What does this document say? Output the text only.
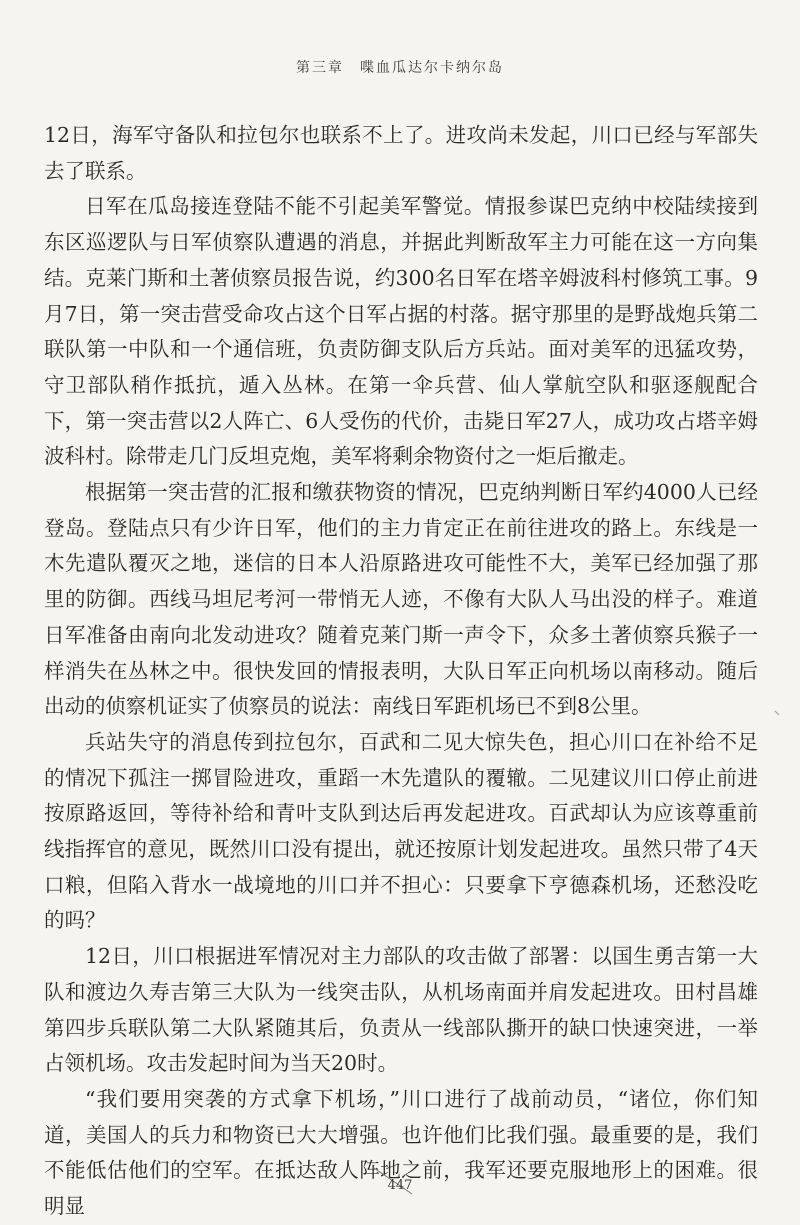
第三章　喋血瓜达尔卡纳尔岛

12日，海军守备队和拉包尔也联系不上了。进攻尚未发起，川口已经与军部失去了联系。

日军在瓜岛接连登陆不能不引起美军警觉。情报参谋巴克纳中校陆续接到东区巡逻队与日军侦察队遭遇的消息，并据此判断敌军主力可能在这一方向集结。克莱门斯和土著侦察员报告说，约300名日军在塔辛姆波科村修筑工事。9月7日，第一突击营受命攻占这个日军占据的村落。据守那里的是野战炮兵第二联队第一中队和一个通信班，负责防御支队后方兵站。面对美军的迅猛攻势，守卫部队稍作抵抗，遁入丛林。在第一伞兵营、仙人掌航空队和驱逐舰配合下，第一突击营以2人阵亡、6人受伤的代价，击毙日军27人，成功攻占塔辛姆波科村。除带走几门反坦克炮，美军将剩余物资付之一炬后撤走。

根据第一突击营的汇报和缴获物资的情况，巴克纳判断日军约4000人已经登岛。登陆点只有少许日军，他们的主力肯定正在前往进攻的路上。东线是一木先遣队覆灭之地，迷信的日本人沿原路进攻可能性不大，美军已经加强了那里的防御。西线马坦尼考河一带悄无人迹，不像有大队人马出没的样子。难道日军准备由南向北发动进攻？随着克莱门斯一声令下，众多土著侦察兵猴子一样消失在丛林之中。很快发回的情报表明，大队日军正向机场以南移动。随后出动的侦察机证实了侦察员的说法：南线日军距机场已不到8公里。

兵站失守的消息传到拉包尔，百武和二见大惊失色，担心川口在补给不足的情况下孤注一掷冒险进攻，重蹈一木先遣队的覆辙。二见建议川口停止前进按原路返回，等待补给和青叶支队到达后再发起进攻。百武却认为应该尊重前线指挥官的意见，既然川口没有提出，就还按原计划发起进攻。虽然只带了4天口粮，但陷入背水一战境地的川口并不担心：只要拿下亨德森机场，还愁没吃的吗？

12日，川口根据进军情况对主力部队的攻击做了部署：以国生勇吉第一大队和渡边久寿吉第三大队为一线突击队，从机场南面并肩发起进攻。田村昌雄第四步兵联队第二大队紧随其后，负责从一线部队撕开的缺口快速突进，一举占领机场。攻击发起时间为当天20时。

“我们要用突袭的方式拿下机场，”川口进行了战前动员，“诸位，你们知道，美国人的兵力和物资已大大增强。也许他们比我们强。最重要的是，我们不能低估他们的空军。在抵达敌人阵地之前，我军还要克服地形上的困难。很明显

447
